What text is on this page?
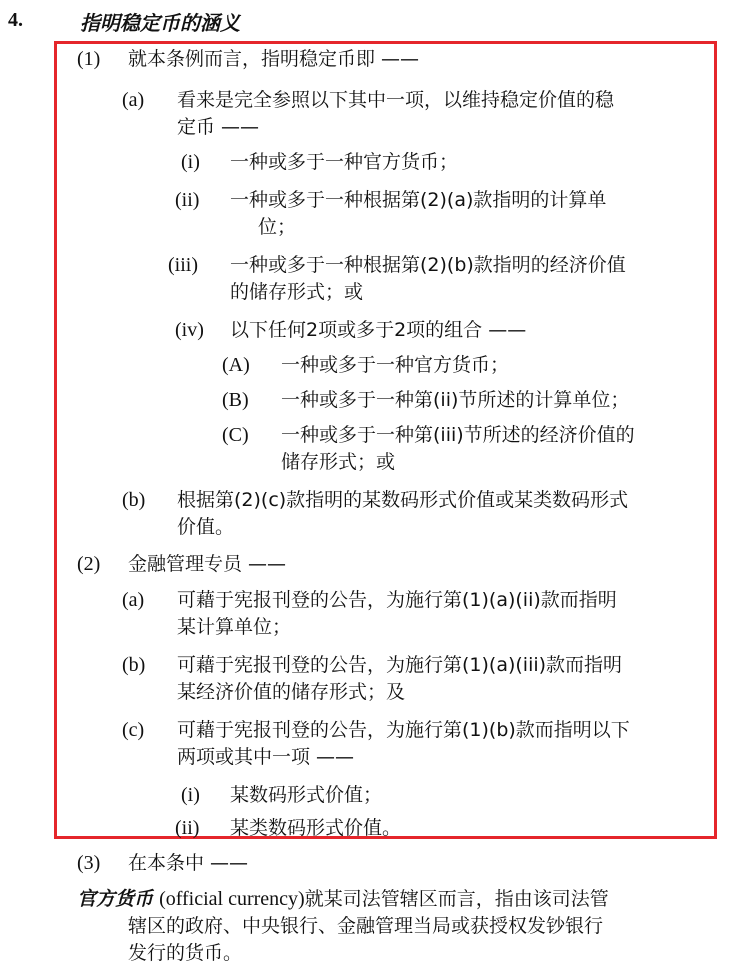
4.	指明稳定币的涵义
(1) 就本条例而言，指明稳定币即 ——
(a) 看来是完全参照以下其中一项，以维持稳定价值的稳
定币 ——
(i) 一种或多于一种官方货币；
(ii) 一种或多于一种根据第(2)(a)款指明的计算单
位；
(iii) 一种或多于一种根据第(2)(b)款指明的经济价值
的储存形式；或
(iv) 以下任何2项或多于2项的组合 ——
(A) 一种或多于一种官方货币；
(B) 一种或多于一种第(ii)节所述的计算单位；
(C) 一种或多于一种第(iii)节所述的经济价值的
储存形式；或
(b) 根据第(2)(c)款指明的某数码形式价值或某类数码形式
价值。
(2) 金融管理专员 ——
(a) 可藉于宪报刊登的公告，为施行第(1)(a)(ii)款而指明
某计算单位；
(b) 可藉于宪报刊登的公告，为施行第(1)(a)(iii)款而指明
某经济价值的储存形式；及
(c) 可藉于宪报刊登的公告，为施行第(1)(b)款而指明以下
两项或其中一项 ——
(i) 某数码形式价值；
(ii) 某类数码形式价值。
(3) 在本条中 ——
官方货币 (official currency)就某司法管辖区而言，指由该司法管
辖区的政府、中央银行、金融管理当局或获授权发钞银行
发行的货币。
